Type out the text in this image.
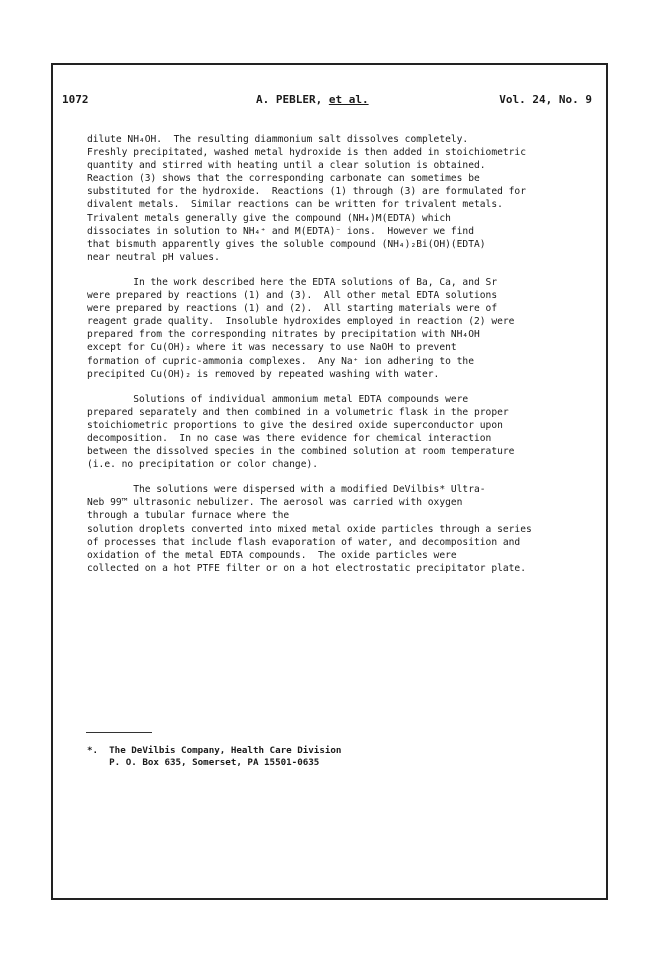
1072	A. PEBLER, et al.	Vol. 24, No. 9
dilute NH₄OH.  The resulting diammonium salt dissolves completely.
Freshly precipitated, washed metal hydroxide is then added in stoichiometric
quantity and stirred with heating until a clear solution is obtained.
Reaction (3) shows that the corresponding carbonate can sometimes be
substituted for the hydroxide.  Reactions (1) through (3) are formulated for
divalent metals.  Similar reactions can be written for trivalent metals.
Trivalent metals generally give the compound (NH₄)M(EDTA) which
dissociates in solution to NH₄⁺ and M(EDTA)⁻ ions.  However we find
that bismuth apparently gives the soluble compound (NH₄)₂Bi(OH)(EDTA)
near neutral pH values.
In the work described here the EDTA solutions of Ba, Ca, and Sr
were prepared by reactions (1) and (3).  All other metal EDTA solutions
were prepared by reactions (1) and (2).  All starting materials were of
reagent grade quality.  Insoluble hydroxides employed in reaction (2) were
prepared from the corresponding nitrates by precipitation with NH₄OH
except for Cu(OH)₂ where it was necessary to use NaOH to prevent
formation of cupric-ammonia complexes.  Any Na⁺ ion adhering to the
precipited Cu(OH)₂ is removed by repeated washing with water.
Solutions of individual ammonium metal EDTA compounds were
prepared separately and then combined in a volumetric flask in the proper
stoichiometric proportions to give the desired oxide superconductor upon
decomposition.  In no case was there evidence for chemical interaction
between the dissolved species in the combined solution at room temperature
(i.e. no precipitation or color change).
The solutions were dispersed with a modified DeVilbis* Ultra-
Neb 99™ ultrasonic nebulizer. The aerosol was carried with oxygen
through a tubular furnace where the
solution droplets converted into mixed metal oxide particles through a series
of processes that include flash evaporation of water, and decomposition and
oxidation of the metal EDTA compounds.  The oxide particles were
collected on a hot PTFE filter or on a hot electrostatic precipitator plate.
*.  The DeVilbis Company, Health Care Division
P. O. Box 635, Somerset, PA 15501-0635
